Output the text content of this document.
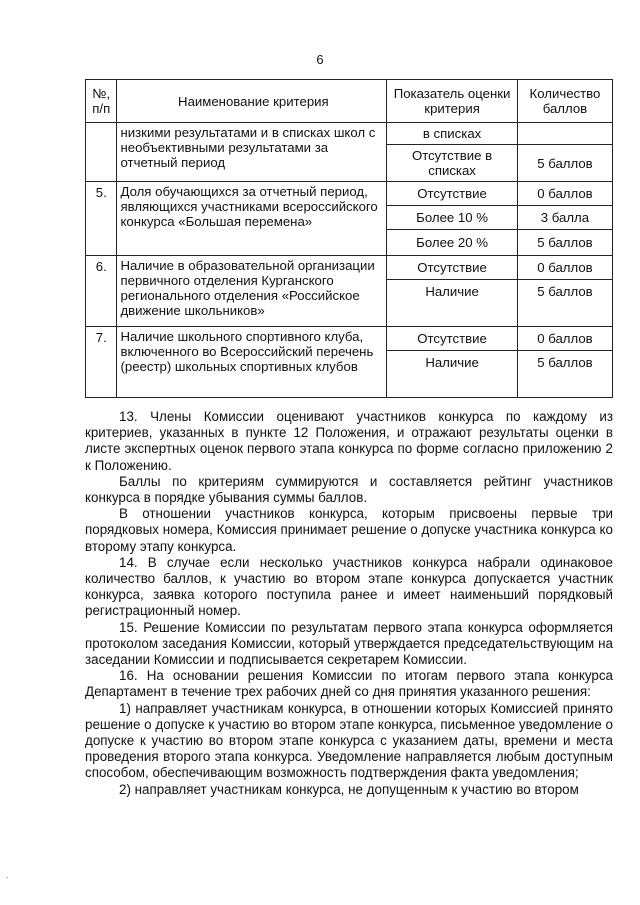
6
№, п/п	Наименование критерия	Показатель оценки критерия	Количество баллов
	низкими результатами и в списках школ с необъективными результатами за отчетный период	в списках	
		Отсутствие в списках	5 баллов
5.	Доля обучающихся за отчетный период, являющихся участниками всероссийского конкурса «Большая перемена»	Отсутствие	0 баллов
		Более 10 %	3 балла
		Более 20 %	5 баллов
6.	Наличие в образовательной организации первичного отделения Курганского регионального отделения «Российское движение школьников»	Отсутствие	0 баллов
		Наличие	5 баллов
7.	Наличие школьного спортивного клуба, включенного во Всероссийский перечень (реестр) школьных спортивных клубов	Отсутствие	0 баллов
		Наличие	5 баллов

13. Члены Комиссии оценивают участников конкурса по каждому из критериев, указанных в пункте 12 Положения, и отражают результаты оценки в листе экспертных оценок первого этапа конкурса по форме согласно приложению 2 к Положению.

Баллы по критериям суммируются и составляется рейтинг участников конкурса в порядке убывания суммы баллов.

В отношении участников конкурса, которым присвоены первые три порядковых номера, Комиссия принимает решение о допуске участника конкурса ко второму этапу конкурса.

14. В случае если несколько участников конкурса набрали одинаковое количество баллов, к участию во втором этапе конкурса допускается участник конкурса, заявка которого поступила ранее и имеет наименьший порядковый регистрационный номер.

15. Решение Комиссии по результатам первого этапа конкурса оформляется протоколом заседания Комиссии, который утверждается председательствующим на заседании Комиссии и подписывается секретарем Комиссии.

16. На основании решения Комиссии по итогам первого этапа конкурса Департамент в течение трех рабочих дней со дня принятия указанного решения:

1) направляет участникам конкурса, в отношении которых Комиссией принято решение о допуске к участию во втором этапе конкурса, письменное уведомление о допуске к участию во втором этапе конкурса с указанием даты, времени и места проведения второго этапа конкурса. Уведомление направляется любым доступным способом, обеспечивающим возможность подтверждения факта уведомления;

2) направляет участникам конкурса, не допущенным к участию во втором

.
